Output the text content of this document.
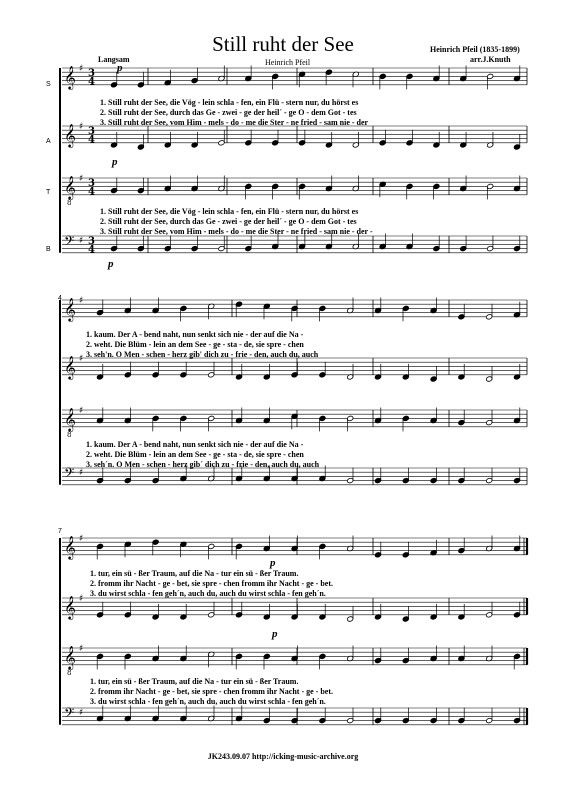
Still ruht der See	Heinrich Pfeil (1835-1899)
arr.J.Knuth
Langsam	Heinrich Pfeil
S
A
T
B
4
7
p
p
p
p
p
𝄞 ♯ 3
4
𝄞 ♯ 3
4
𝄞
8
♯ 3
4
𝄢 ♯ 3
4
𝄞 ♯
𝄞 ♯
𝄞
8
♯
𝄢 ♯
𝄞 ♯
𝄞 ♯
𝄞
8
♯
𝄢 ♯
1. Still ruht der See, die Vög - lein schla - fen, ein Flü - stern nur, du hörst es
2. Still ruht der See, durch das Ge - zwei - ge der heil´ - ge O - dem Got - tes
3. Still ruht der See, vom Him - mels - do - me die Ster - ne fried - sam nie - der
1. Still ruht der See, die Vög - lein schla - fen, ein Flü - stern nur, du hörst es
2. Still ruht der See, durch das Ge - zwei - ge der heil´ - ge O - dem Got - tes
3. Still ruht der See, vom Him - mels - do - me die Ster - ne fried - sam nie - der -
1. kaum. Der A - bend naht, nun senkt sich nie - der auf die Na -
2. weht. Die Blüm - lein an dem See - ge - sta - de, sie spre - chen
3. seh'n. O Men - schen - herz gib' dich zu - frie - den, auch du, auch
1. kaum. Der A - bend naht, nun senkt sich nie - der auf die Na -
2. weht. Die Blüm - lein an dem See - ge - sta - de, sie spre - chen
3. seh´n. O Men - schen - herz gib´ dich zu - frie - den, auch du, auch
1. tur, ein sü - ßer Traum, auf die Na - tur ein sü - ßer Traum.
2. fromm ihr Nacht - ge - bet, sie spre - chen fromm ihr Nacht - ge - bet.
3. du wirst schla - fen geh´n, auch du, auch du wirst schla - fen geh´n.
1. tur, ein sü - ßer Traum, auf die Na - tur ein sü - ßer Traum.
2. fromm ihr Nacht - ge - bet, sie spre - chen fromm ihr Nacht - ge - bet.
3. du wirst schla - fen geh´n, auch du, auch du wirst schla - fen geh´n.
JK243.09.07 http://icking-music-archive.org
